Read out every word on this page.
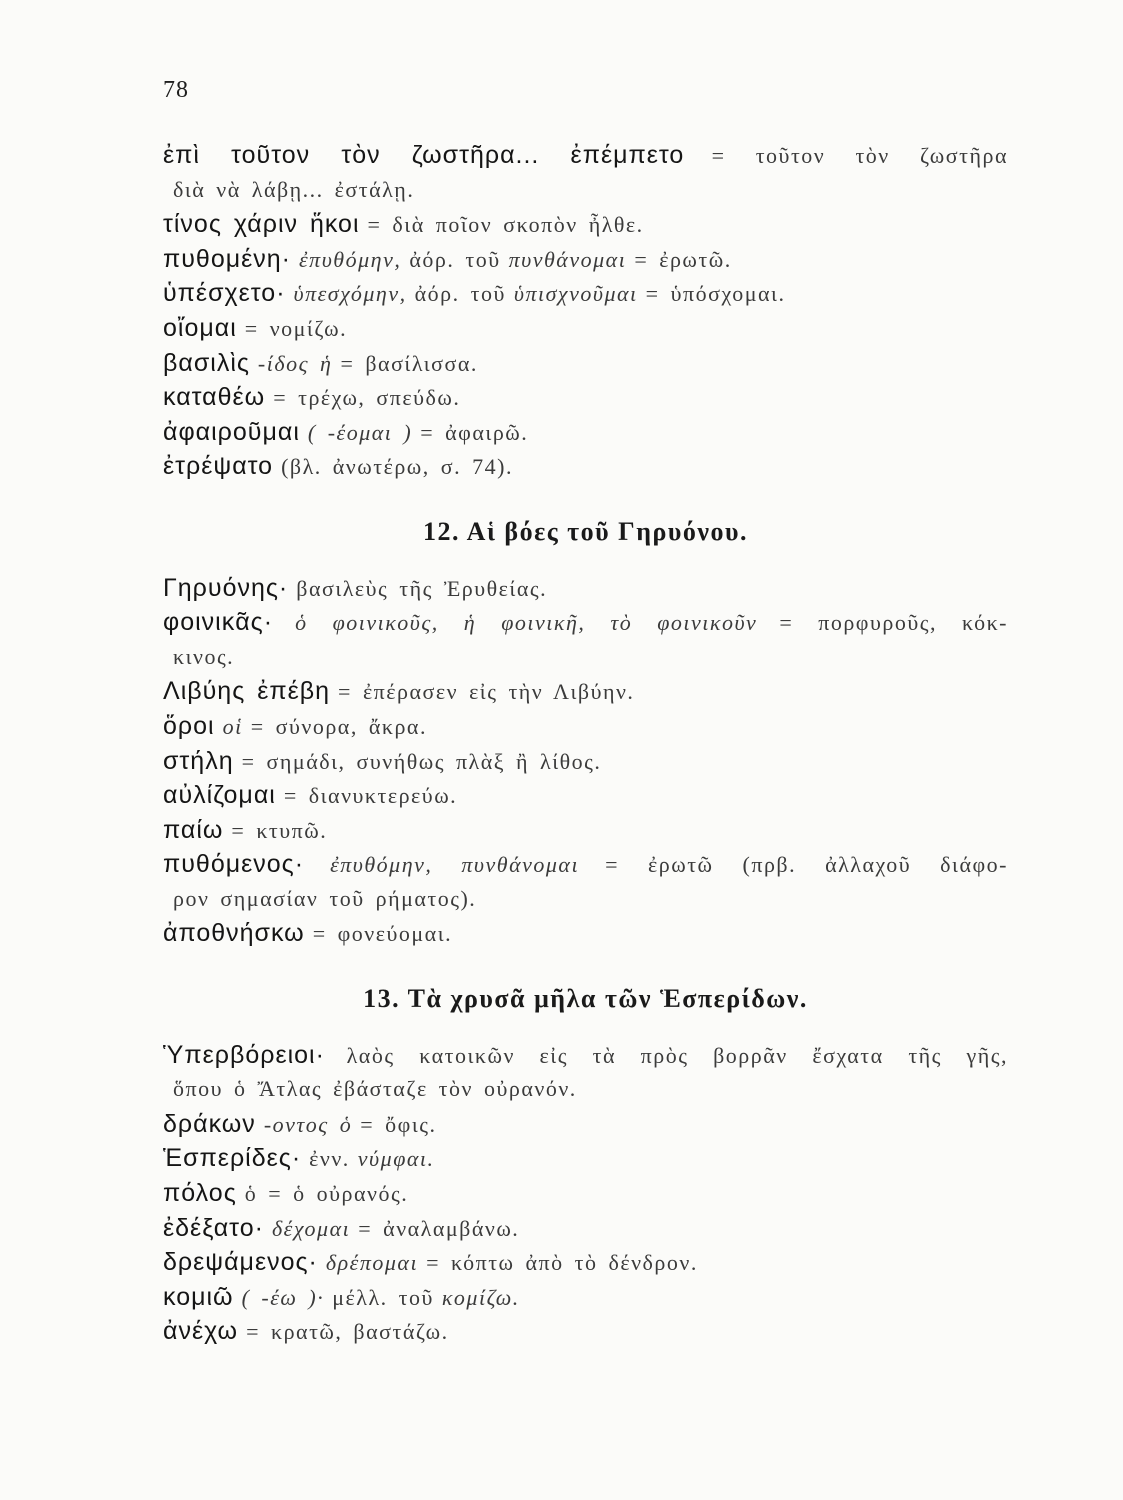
78
ἐπὶ τοῦτον τὸν ζωστῆρα... ἐπέμπετο = τοῦτον τὸν ζωστῆρα
διὰ νὰ λάβῃ... ἐστάλῃ.
τίνος χάριν ἥκοι = διὰ ποῖον σκοπὸν ἦλθε.
πυθομένη· ἐπυθόμην, ἀόρ. τοῦ πυνθάνομαι = ἐρωτῶ.
ὑπέσχετο· ὑπεσχόμην, ἀόρ. τοῦ ὑπισχνοῦμαι = ὑπόσχομαι.
οἴομαι = νομίζω.
βασιλὶς -ίδος ἡ = βασίλισσα.
καταθέω = τρέχω, σπεύδω.
ἀφαιροῦμαι ( -έομαι ) = ἀφαιρῶ.
ἐτρέψατο (βλ. ἀνωτέρω, σ. 74).
12. Αἱ βόες τοῦ Γηρυόνου.
Γηρυόνης· βασιλεὺς τῆς Ἐρυθείας.
φοινικᾶς· ὁ φοινικοῦς, ἡ φοινικῆ, τὸ φοινικοῦν = πορφυροῦς, κόκ-
κινος.
Λιβύης ἐπέβη = ἐπέρασεν εἰς τὴν Λιβύην.
ὅροι οἱ = σύνορα, ἄκρα.
στήλη = σημάδι, συνήθως πλὰξ ἢ λίθος.
αὐλίζομαι = διανυκτερεύω.
παίω = κτυπῶ.
πυθόμενος· ἐπυθόμην, πυνθάνομαι = ἐρωτῶ (πρβ. ἀλλαχοῦ διάφο-
ρον σημασίαν τοῦ ρήματος).
ἀποθνήσκω = φονεύομαι.
13. Τὰ χρυσᾶ μῆλα τῶν Ἑσπερίδων.
Ὑπερβόρειοι· λαὸς κατοικῶν εἰς τὰ πρὸς βορρᾶν ἔσχατα τῆς γῆς,
ὅπου ὁ Ἄτλας ἐβάσταζε τὸν οὐρανόν.
δράκων -οντος ὁ = ὄφις.
Ἑσπερίδες· ἐνν. νύμφαι.
πόλος ὁ = ὁ οὐρανός.
ἐδέξατο· δέχομαι = ἀναλαμβάνω.
δρεψάμενος· δρέπομαι = κόπτω ἀπὸ τὸ δένδρον.
κομιῶ ( -έω )· μέλλ. τοῦ κομίζω.
ἀνέχω = κρατῶ, βαστάζω.
